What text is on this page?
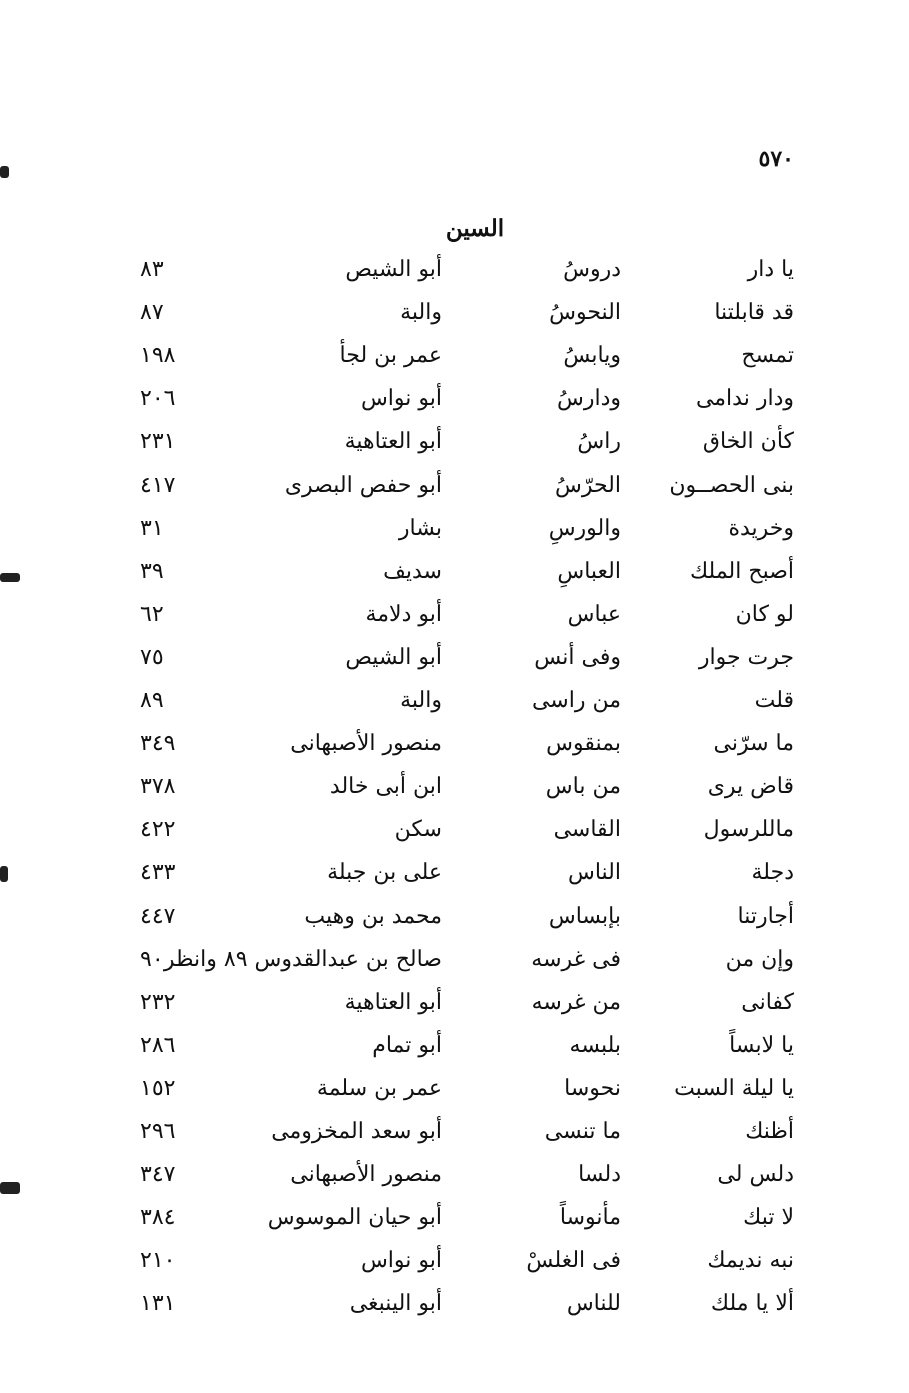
٥٧٠
السين
يا دار
دروسُ
أبو الشيص
٨٣
قد قابلتنا
النحوسُ
والبة
٨٧
تمسح
ويابسُ
عمر بن لجأ
١٩٨
ودار ندامى
ودارسُ
أبو نواس
٢٠٦
كأن الخاق
راسُ
أبو العتاهية
٢٣١
بنى الحصــون
الحرّسُ
أبو حفص البصرى
٤١٧
وخريدة
والورسِ
بشار
٣١
أصبح الملك
العباسِ
سديف
٣٩
لو كان
عباس
أبو دلامة
٦٢
جرت جوار
وفى أنس
أبو الشيص
٧٥
قلت
من راسى
والبة
٨٩
ما سرّنى
بمنقوس
منصور الأصبهانى
٣٤٩
قاض يرى
من باس
ابن أبى خالد
٣٧٨
ماللرسول
القاسى
سكن
٤٢٢
دجلة
الناس
على بن جبلة
٤٣٣
أجارتنا
بإبساس
محمد بن وهيب
٤٤٧
وإن من
فى غرسه
صالح بن عبدالقدوس ٨٩ وانظر
٩٠
كفانى
من غرسه
أبو العتاهية
٢٣٢
يا لابساً
بلبسه
أبو تمام
٢٨٦
يا ليلة السبت
نحوسا
عمر بن سلمة
١٥٢
أظنك
ما تنسى
أبو سعد المخزومى
٢٩٦
دلس لى
دلسا
منصور الأصبهانى
٣٤٧
لا تبك
مأنوساً
أبو حيان الموسوس
٣٨٤
نبه نديمك
فى الغلسْ
أبو نواس
٢١٠
ألا يا ملك
للناس
أبو الينبغى
١٣١
